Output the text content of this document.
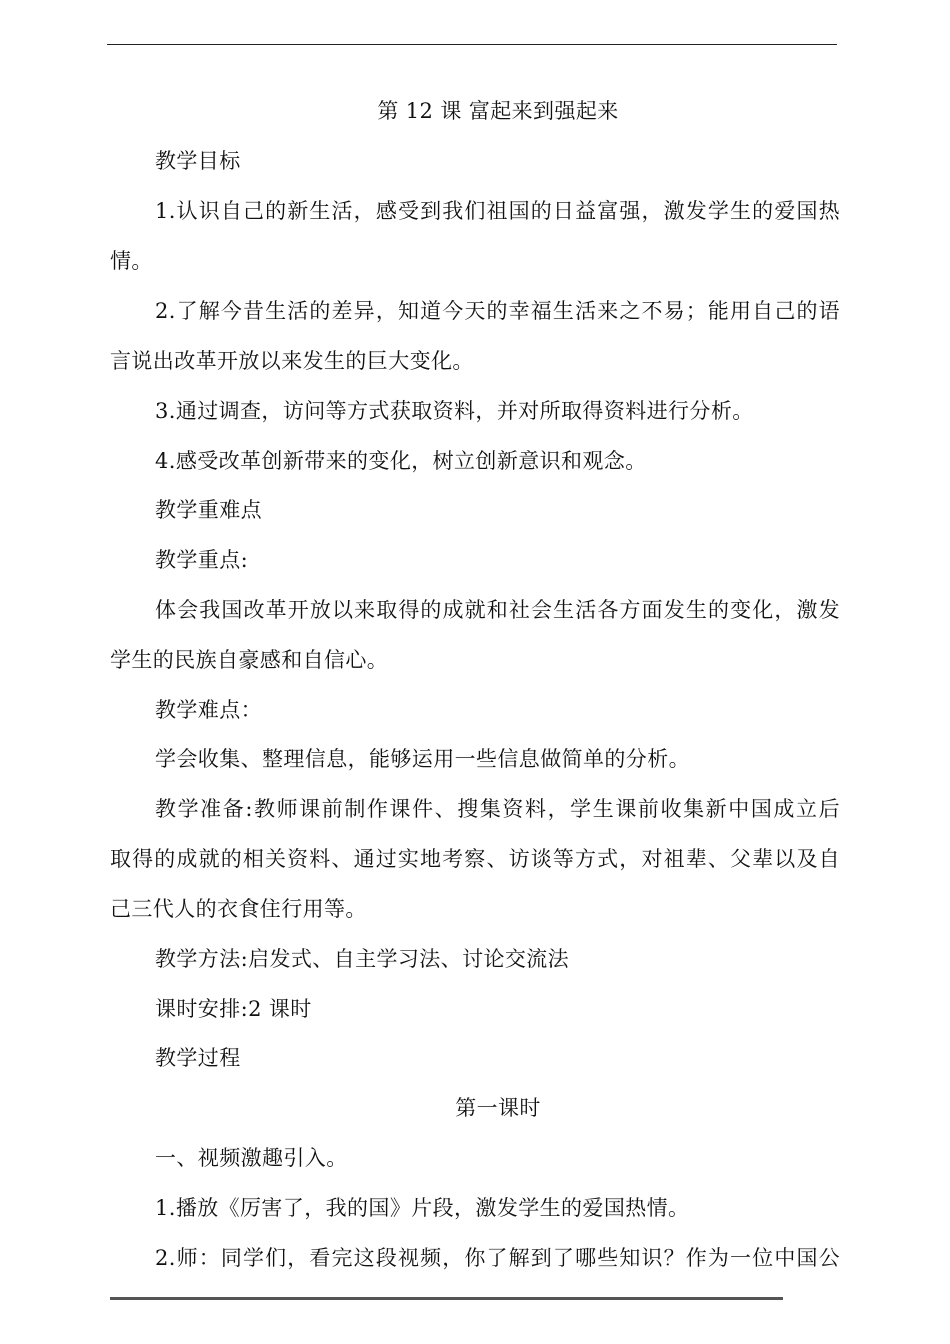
第 12 课 富起来到强起来
教学目标
1.认识自己的新生活，感受到我们祖国的日益富强，激发学生的爱国热
情。
2.了解今昔生活的差异，知道今天的幸福生活来之不易；能用自己的语
言说出改革开放以来发生的巨大变化。
3.通过调查，访问等方式获取资料，并对所取得资料进行分析。
4.感受改革创新带来的变化，树立创新意识和观念。
教学重难点
教学重点:
体会我国改革开放以来取得的成就和社会生活各方面发生的变化，激发
学生的民族自豪感和自信心。
教学难点：
学会收集、整理信息，能够运用一些信息做简单的分析。
教学准备:教师课前制作课件、搜集资料，学生课前收集新中国成立后
取得的成就的相关资料、通过实地考察、访谈等方式，对祖辈、父辈以及自
己三代人的衣食住行用等。
教学方法:启发式、自主学习法、讨论交流法
课时安排:2 课时
教学过程
第一课时
一、视频激趣引入。
1.播放《厉害了，我的国》片段，激发学生的爱国热情。
2.师：同学们，看完这段视频，你了解到了哪些知识？作为一位中国公
